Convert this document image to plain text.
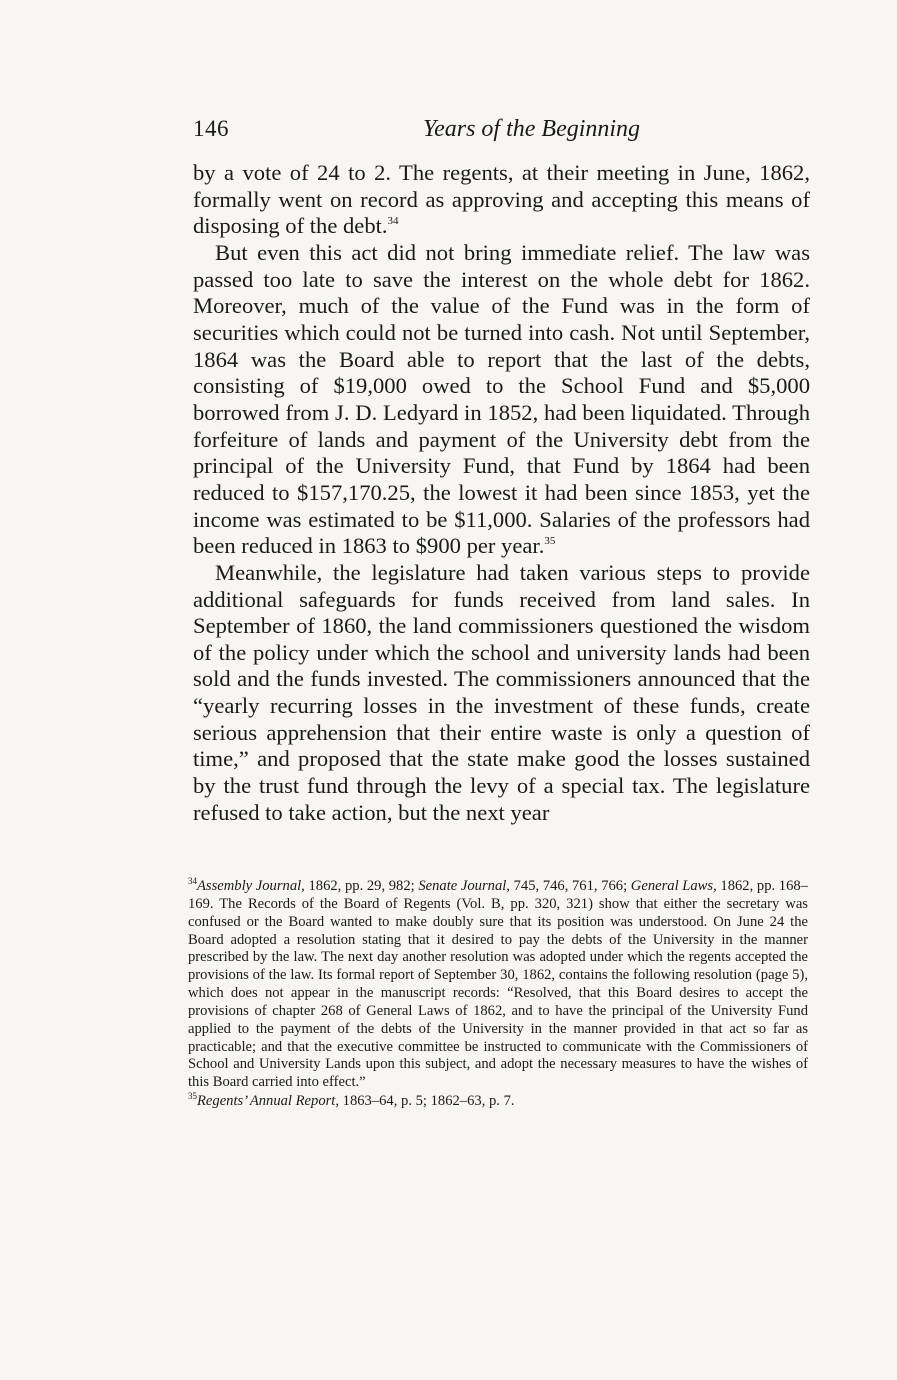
146	Years of the Beginning

by a vote of 24 to 2. The regents, at their meeting in June, 1862, formally went on record as approving and accepting this means of disposing of the debt.$^{34}$

But even this act did not bring immediate relief. The law was passed too late to save the interest on the whole debt for 1862. Moreover, much of the value of the Fund was in the form of securities which could not be turned into cash. Not until September, 1864 was the Board able to report that the last of the debts, consisting of $19,000 owed to the School Fund and $5,000 borrowed from J. D. Ledyard in 1852, had been liquidated. Through forfeiture of lands and payment of the University debt from the principal of the University Fund, that Fund by 1864 had been reduced to $157,170.25, the lowest it had been since 1853, yet the income was estimated to be $11,000. Salaries of the professors had been reduced in 1863 to $900 per year.$^{35}$

Meanwhile, the legislature had taken various steps to provide additional safeguards for funds received from land sales. In September of 1860, the land commissioners questioned the wisdom of the policy under which the school and university lands had been sold and the funds invested. The commissioners announced that the “yearly recurring losses in the investment of these funds, create serious apprehension that their entire waste is only a question of time,” and proposed that the state make good the losses sustained by the trust fund through the levy of a special tax. The legislature refused to take action, but the next year

$^{34}$Assembly Journal, 1862, pp. 29, 982; Senate Journal, 745, 746, 761, 766; General Laws, 1862, pp. 168–169. The Records of the Board of Regents (Vol. B, pp. 320, 321) show that either the secretary was confused or the Board wanted to make doubly sure that its position was understood. On June 24 the Board adopted a resolution stating that it desired to pay the debts of the University in the manner prescribed by the law. The next day another resolution was adopted under which the regents accepted the provisions of the law. Its formal report of September 30, 1862, contains the following resolution (page 5), which does not appear in the manuscript records: “Resolved, that this Board desires to accept the provisions of chapter 268 of General Laws of 1862, and to have the principal of the University Fund applied to the payment of the debts of the University in the manner provided in that act so far as practicable; and that the executive committee be instructed to communicate with the Commissioners of School and University Lands upon this subject, and adopt the necessary measures to have the wishes of this Board carried into effect.”

$^{35}$Regents’ Annual Report, 1863–64, p. 5; 1862–63, p. 7.
